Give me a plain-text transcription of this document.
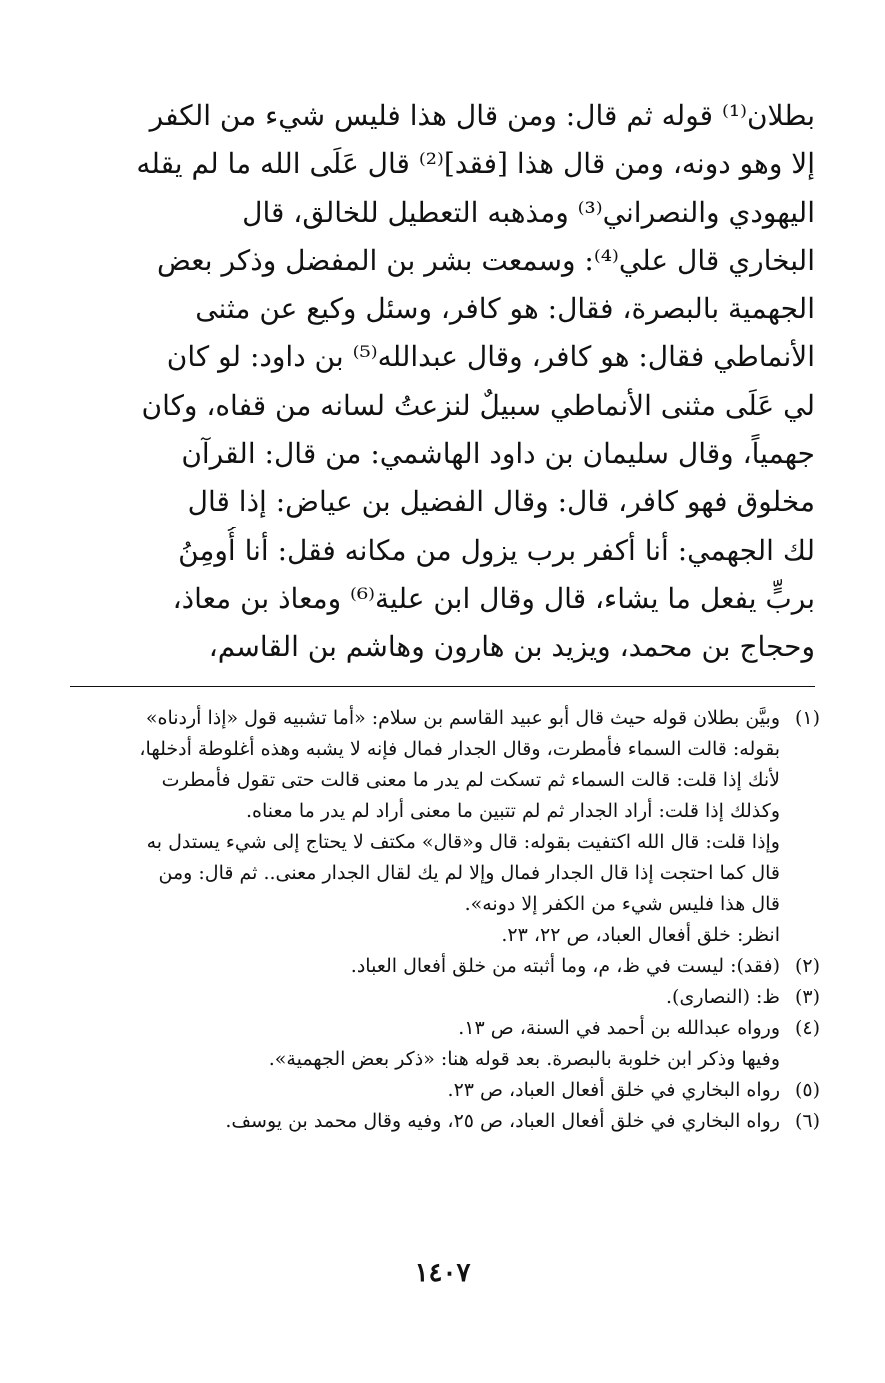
بطلان⁽¹⁾ قوله ثم قال: ومن قال هذا فليس شيء من الكفر
إلا وهو دونه، ومن قال هذا [فقد]⁽²⁾ قال عَلَى الله ما لم يقله
اليهودي والنصراني⁽³⁾ ومذهبه التعطيل للخالق، قال
البخاري قال علي⁽⁴⁾: وسمعت بشر بن المفضل وذكر بعض
الجهمية بالبصرة، فقال: هو كافر، وسئل وكيع عن مثنى
الأنماطي فقال: هو كافر، وقال عبدالله⁽⁵⁾ بن داود: لو كان
لي عَلَى مثنى الأنماطي سبيلٌ لنزعتُ لسانه من قفاه، وكان
جهمياً، وقال سليمان بن داود الهاشمي: من قال: القرآن
مخلوق فهو كافر، قال: وقال الفضيل بن عياض: إذا قال
لك الجهمي: أنا أكفر برب يزول من مكانه فقل: أنا أُومِنُ
بربٍّ يفعل ما يشاء، قال وقال ابن علية⁽⁶⁾ ومعاذ بن معاذ،
وحجاج بن محمد، ويزيد بن هارون وهاشم بن القاسم،
(١)
وبيَّن بطلان قوله حيث قال أبو عبيد القاسم بن سلام: «أما تشبيه قول «إذا أردناه»
بقوله: قالت السماء فأمطرت، وقال الجدار فمال فإنه لا يشبه وهذه أغلوطة أدخلها،
لأنك إذا قلت: قالت السماء ثم تسكت لم يدر ما معنى قالت حتى تقول فأمطرت
وكذلك إذا قلت: أراد الجدار ثم لم تتبين ما معنى أراد لم يدر ما معناه.
وإذا قلت: قال الله اكتفيت بقوله: قال و«قال» مكتف لا يحتاج إلى شيء يستدل به
قال كما احتجت إذا قال الجدار فمال وإلا لم يك لقال الجدار معنى.. ثم قال: ومن
قال هذا فليس شيء من الكفر إلا دونه».
انظر: خلق أفعال العباد، ص ٢٢، ٢٣.
(٢)
(فقد): ليست في ظ، م، وما أثبته من خلق أفعال العباد.
(٣)
ظ: (النصارى).
(٤)
ورواه عبدالله بن أحمد في السنة، ص ١٣.
وفيها وذكر ابن خلوبة بالبصرة. بعد قوله هنا: «ذكر بعض الجهمية».
(٥)
رواه البخاري في خلق أفعال العباد، ص ٢٣.
(٦)
رواه البخاري في خلق أفعال العباد، ص ٢٥، وفيه وقال محمد بن يوسف.
١٤٠٧
